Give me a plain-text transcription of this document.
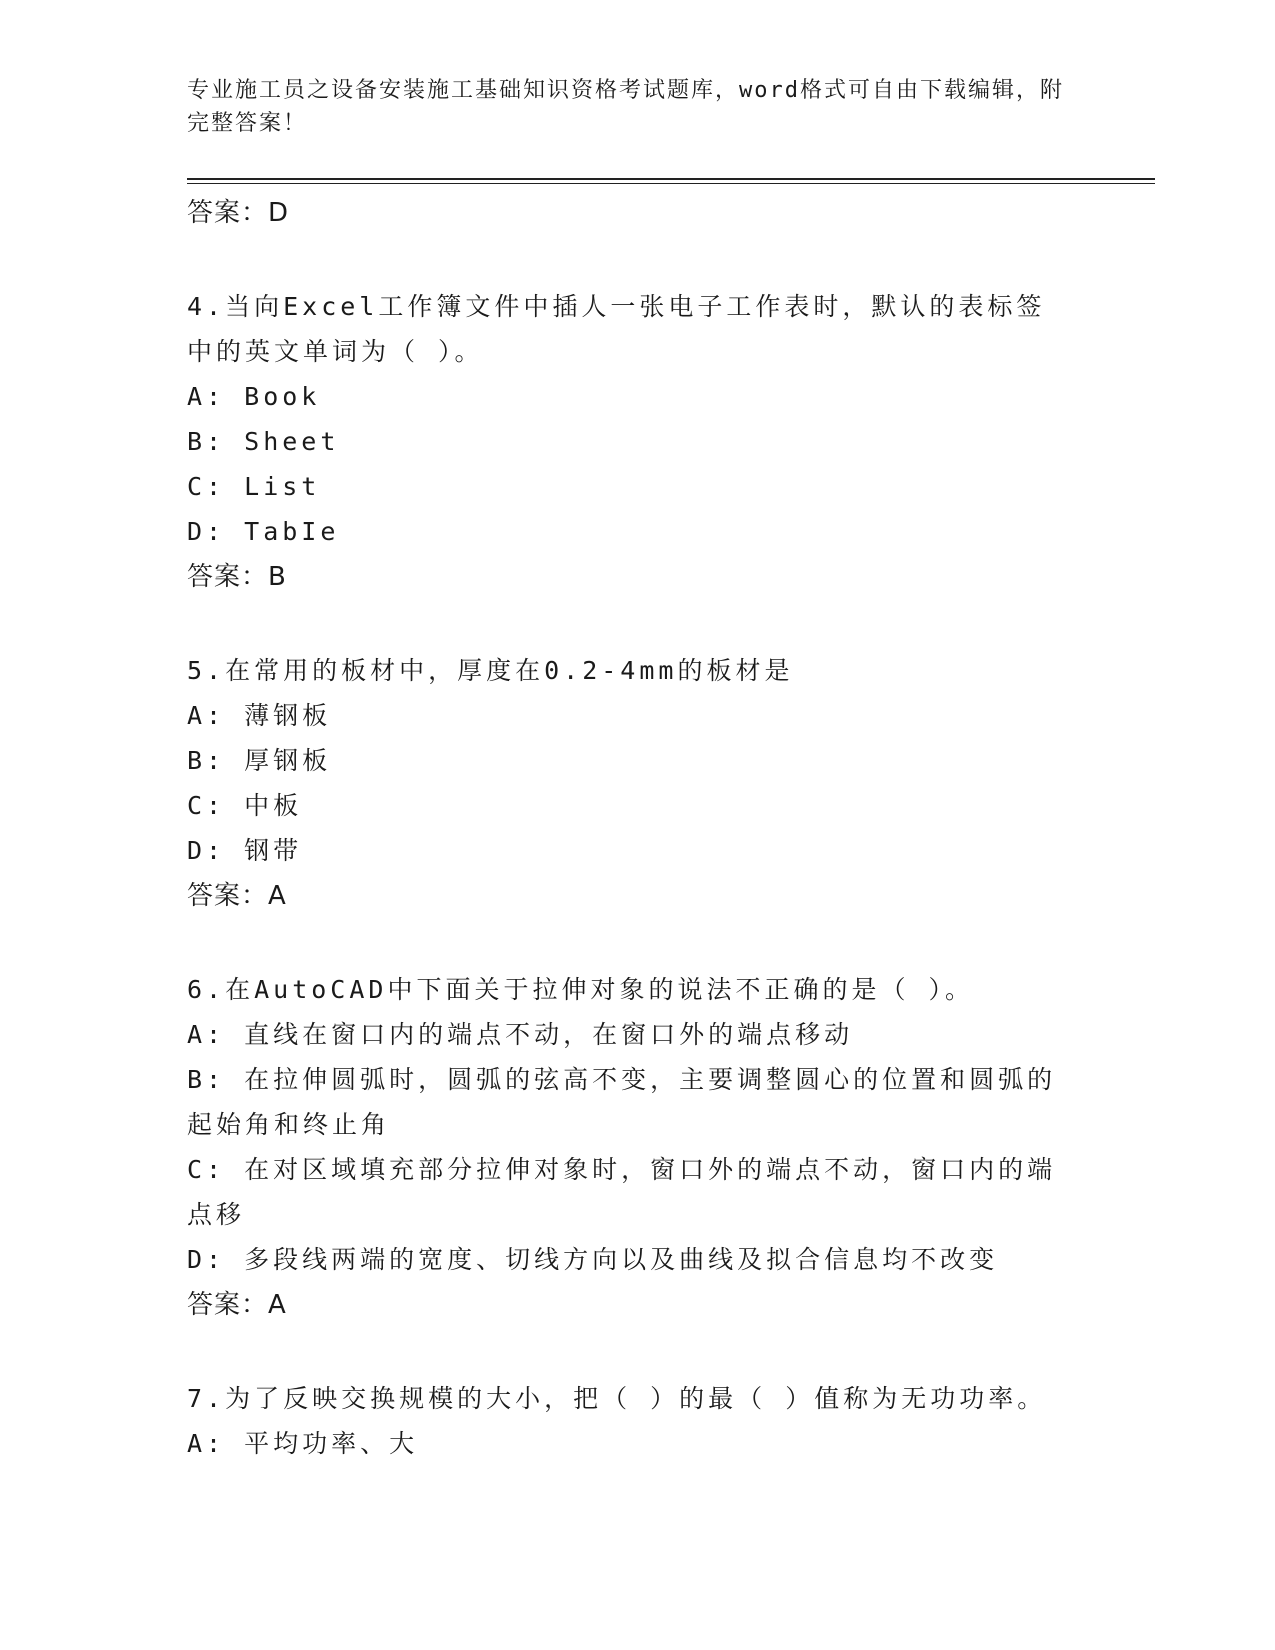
专业施工员之设备安装施工基础知识资格考试题库，word格式可自由下载编辑，附完整答案！
答案：D
4.当向Excel工作簿文件中插人一张电子工作表时，默认的表标签中的英文单词为（ ）。
A: Book
B: Sheet
C: List
D: TabIe
答案：B
5.在常用的板材中，厚度在0.2-4mm的板材是
A: 薄钢板
B: 厚钢板
C: 中板
D: 钢带
答案：A
6.在AutoCAD中下面关于拉伸对象的说法不正确的是（ ）。
A: 直线在窗口内的端点不动，在窗口外的端点移动
B: 在拉伸圆弧时，圆弧的弦高不变，主要调整圆心的位置和圆弧的起始角和终止角
C: 在对区域填充部分拉伸对象时，窗口外的端点不动，窗口内的端点移
D: 多段线两端的宽度、切线方向以及曲线及拟合信息均不改变
答案：A
7.为了反映交换规模的大小，把（ ）的最（ ）值称为无功功率。
A: 平均功率、大
